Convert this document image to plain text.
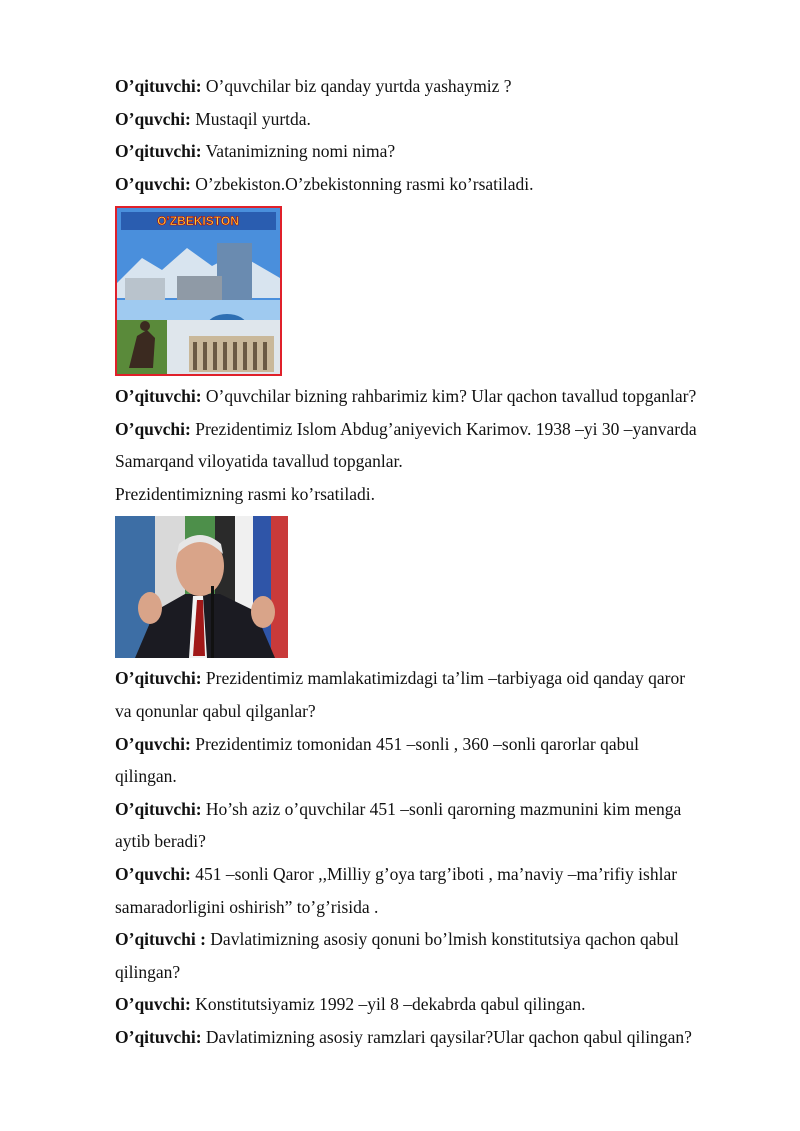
O’qituvchi: O’quvchilar biz qanday yurtda yashaymiz ?
O’quvchi: Mustaqil yurtda.
O’qituvchi: Vatanimizning nomi nima?
O’quvchi: O’zbekiston.O’zbekistonning rasmi ko’rsatiladi.
O’qituvchi: O’quvchilar bizning rahbarimiz kim? Ular qachon tavallud topganlar?
O’quvchi: Prezidentimiz Islom Abdug’aniyevich Karimov. 1938 –yi 30 –yanvarda
Samarqand viloyatida tavallud topganlar.
Prezidentimizning rasmi ko’rsatiladi.
O’qituvchi: Prezidentimiz mamlakatimizdagi ta’lim –tarbiyaga oid qanday qaror
va qonunlar qabul qilganlar?
O’quvchi: Prezidentimiz tomonidan 451 –sonli , 360 –sonli qarorlar qabul
qilingan.
O’qituvchi: Ho’sh aziz o’quvchilar 451 –sonli qarorning mazmunini kim menga
aytib beradi?
O’quvchi: 451 –sonli Qaror ,,Milliy g’oya targ’iboti , ma’naviy –ma’rifiy ishlar
samaradorligini oshirish” to’g’risida .
O’qituvchi : Davlatimizning asosiy qonuni bo’lmish konstitutsiya qachon qabul
qilingan?
O’quvchi: Konstitutsiyamiz 1992 –yil 8 –dekabrda qabul qilingan.
O’qituvchi: Davlatimizning asosiy ramzlari qaysilar?Ular qachon qabul qilingan?
O’ZBEKISTON
